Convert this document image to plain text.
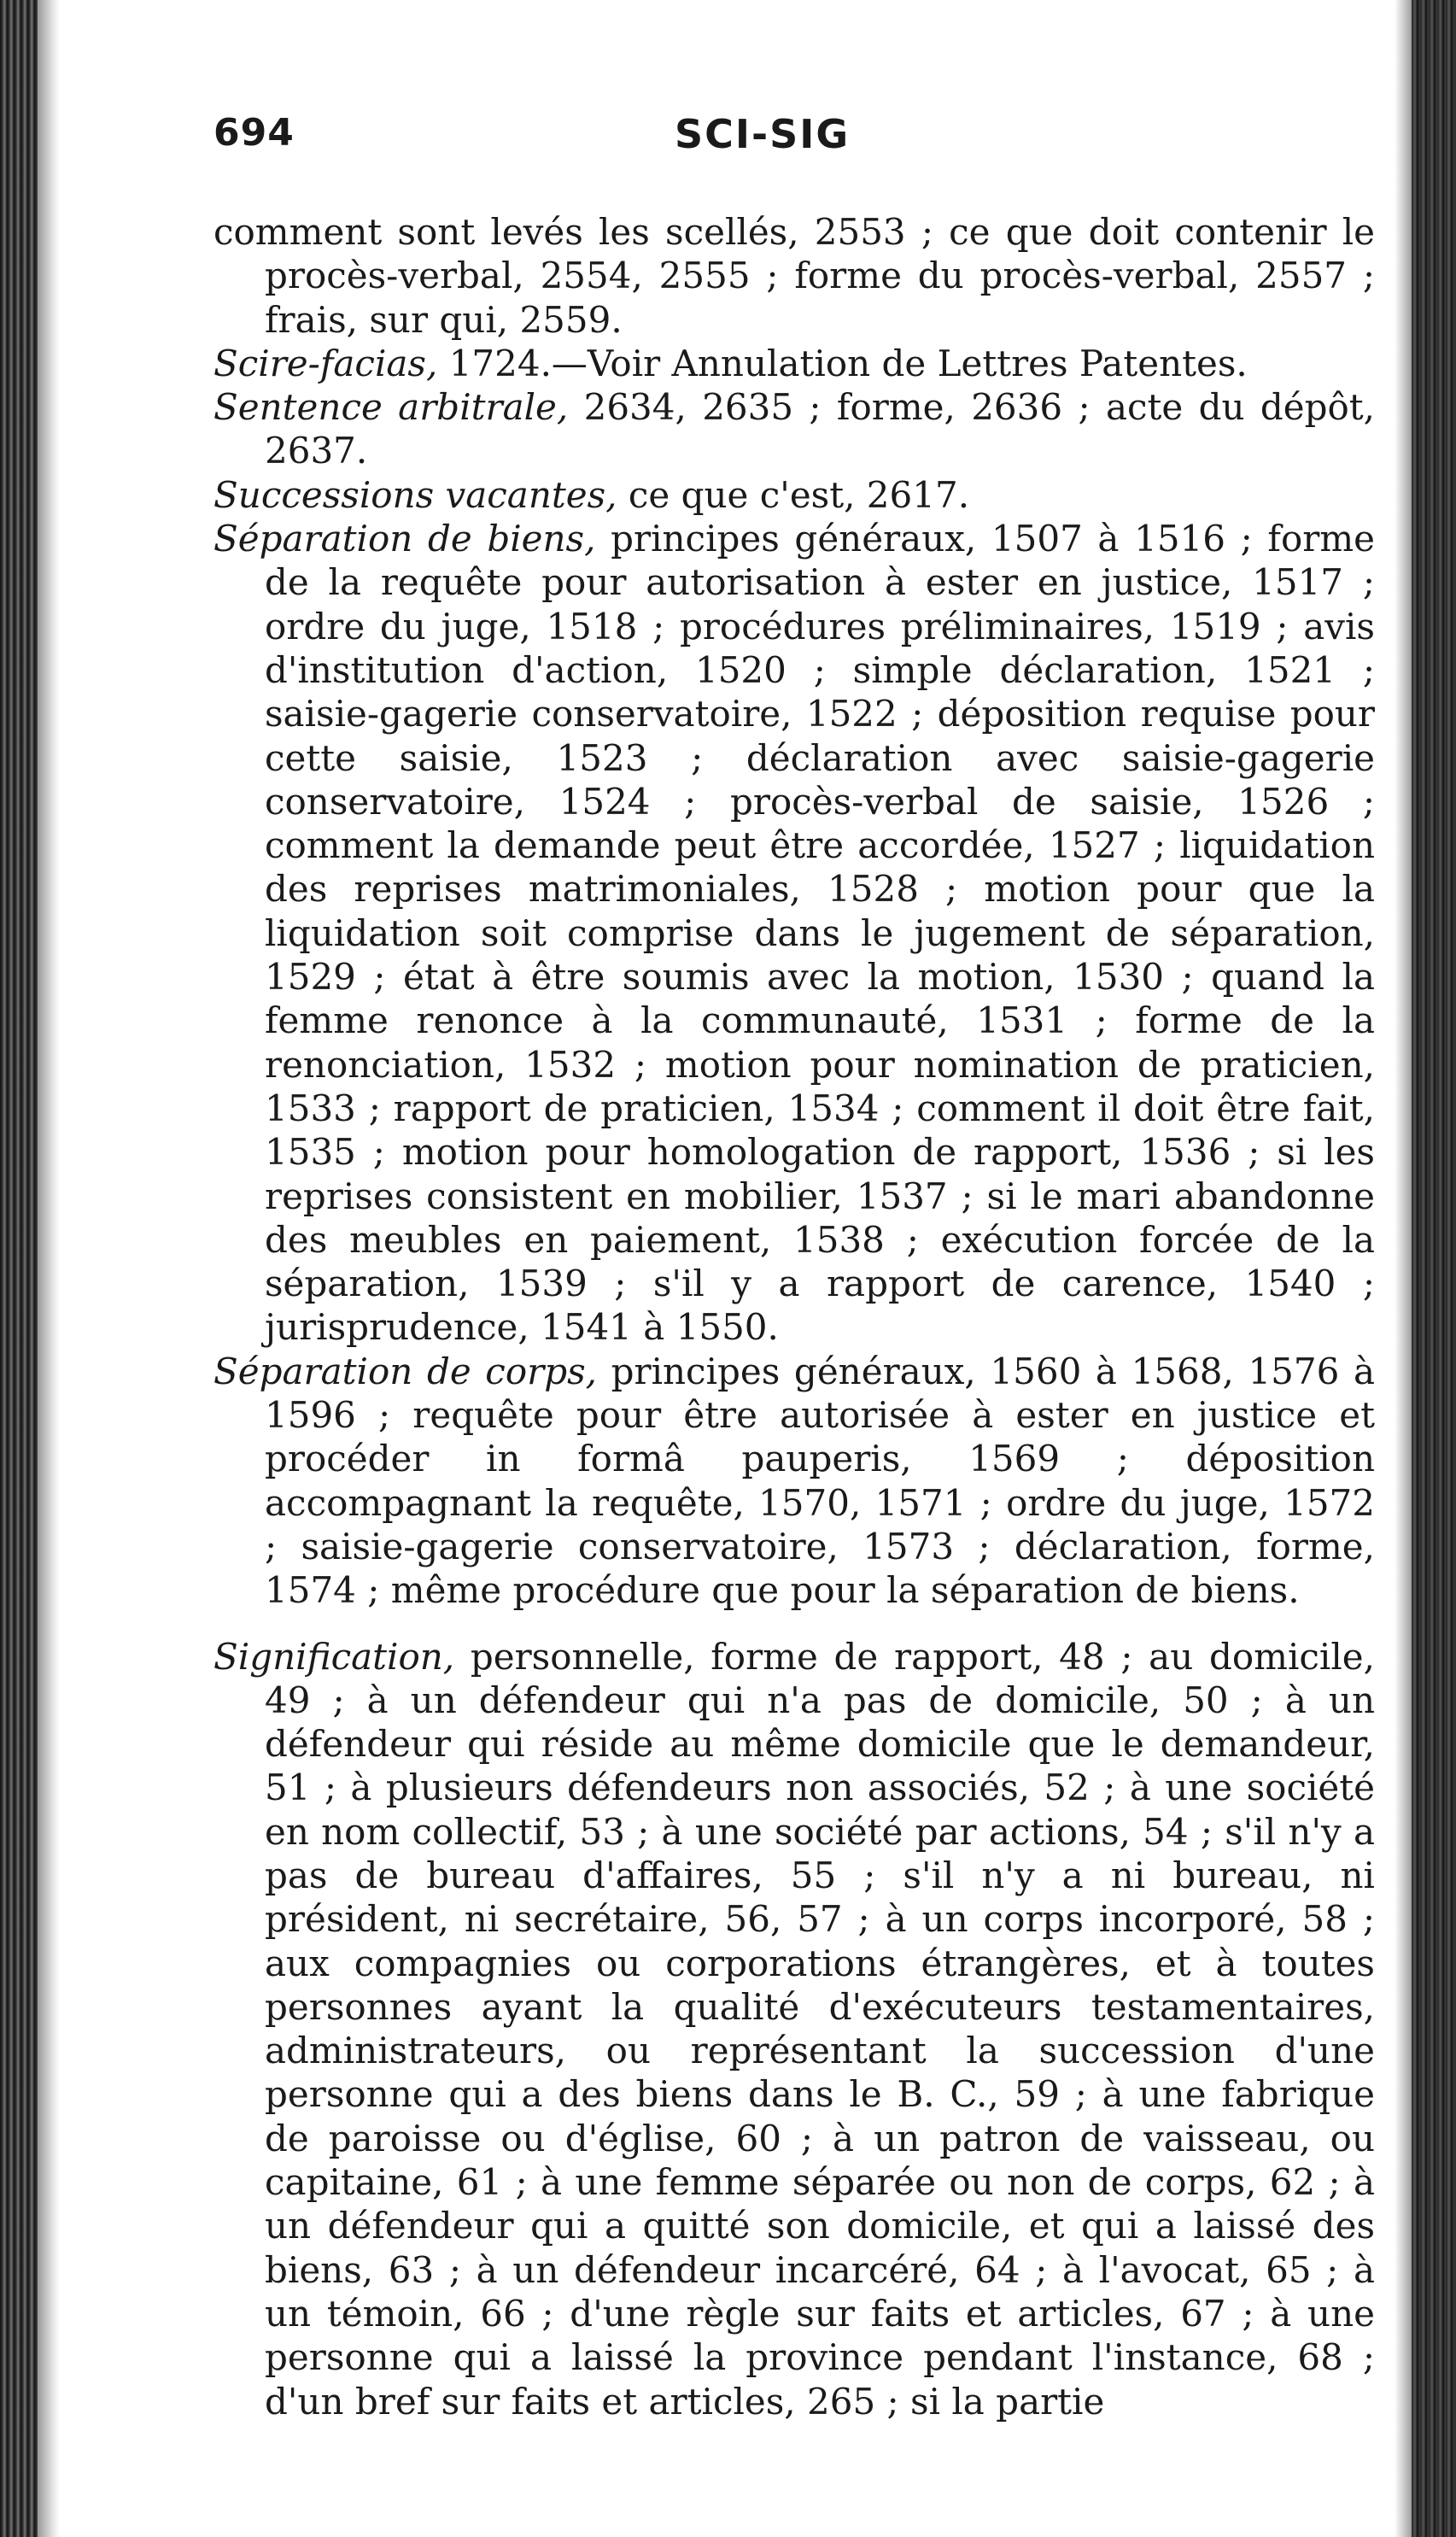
694	SCI-SIG

comment sont levés les scellés, 2553 ; ce que doit contenir le procès-verbal, 2554, 2555 ; forme du procès-verbal, 2557 ; frais, sur qui, 2559.

Scire-facias, 1724.—Voir Annulation de Lettres Patentes.

Sentence arbitrale, 2634, 2635 ; forme, 2636 ; acte du dépôt, 2637.

Successions vacantes, ce que c'est, 2617.

Séparation de biens, principes généraux, 1507 à 1516 ; forme de la requête pour autorisation à ester en justice, 1517 ; ordre du juge, 1518 ; procédures préliminaires, 1519 ; avis d'institution d'action, 1520 ; simple déclaration, 1521 ; saisie-gagerie conservatoire, 1522 ; déposition requise pour cette saisie, 1523 ; déclaration avec saisie-gagerie conservatoire, 1524 ; procès-verbal de saisie, 1526 ; comment la demande peut être accordée, 1527 ; liquidation des reprises matrimoniales, 1528 ; motion pour que la liquidation soit comprise dans le jugement de séparation, 1529 ; état à être soumis avec la motion, 1530 ; quand la femme renonce à la communauté, 1531 ; forme de la renonciation, 1532 ; motion pour nomination de praticien, 1533 ; rapport de praticien, 1534 ; comment il doit être fait, 1535 ; motion pour homologation de rapport, 1536 ; si les reprises consistent en mobilier, 1537 ; si le mari abandonne des meubles en paiement, 1538 ; exécution forcée de la séparation, 1539 ; s'il y a rapport de carence, 1540 ; jurisprudence, 1541 à 1550.

Séparation de corps, principes généraux, 1560 à 1568, 1576 à 1596 ; requête pour être autorisée à ester en justice et procéder in formâ pauperis, 1569 ; déposition accompagnant la requête, 1570, 1571 ; ordre du juge, 1572 ; saisie-gagerie conservatoire, 1573 ; déclaration, forme, 1574 ; même procédure que pour la séparation de biens.

Signification, personnelle, forme de rapport, 48 ; au domicile, 49 ; à un défendeur qui n'a pas de domicile, 50 ; à un défendeur qui réside au même domicile que le demandeur, 51 ; à plusieurs défendeurs non associés, 52 ; à une société en nom collectif, 53 ; à une société par actions, 54 ; s'il n'y a pas de bureau d'affaires, 55 ; s'il n'y a ni bureau, ni président, ni secrétaire, 56, 57 ; à un corps incorporé, 58 ; aux compagnies ou corporations étrangères, et à toutes personnes ayant la qualité d'exécuteurs testamentaires, administrateurs, ou représentant la succession d'une personne qui a des biens dans le B. C., 59 ; à une fabrique de paroisse ou d'église, 60 ; à un patron de vaisseau, ou capitaine, 61 ; à une femme séparée ou non de corps, 62 ; à un défendeur qui a quitté son domicile, et qui a laissé des biens, 63 ; à un défendeur incarcéré, 64 ; à l'avocat, 65 ; à un témoin, 66 ; d'une règle sur faits et articles, 67 ; à une personne qui a laissé la province pendant l'instance, 68 ; d'un bref sur faits et articles, 265 ; si la partie
